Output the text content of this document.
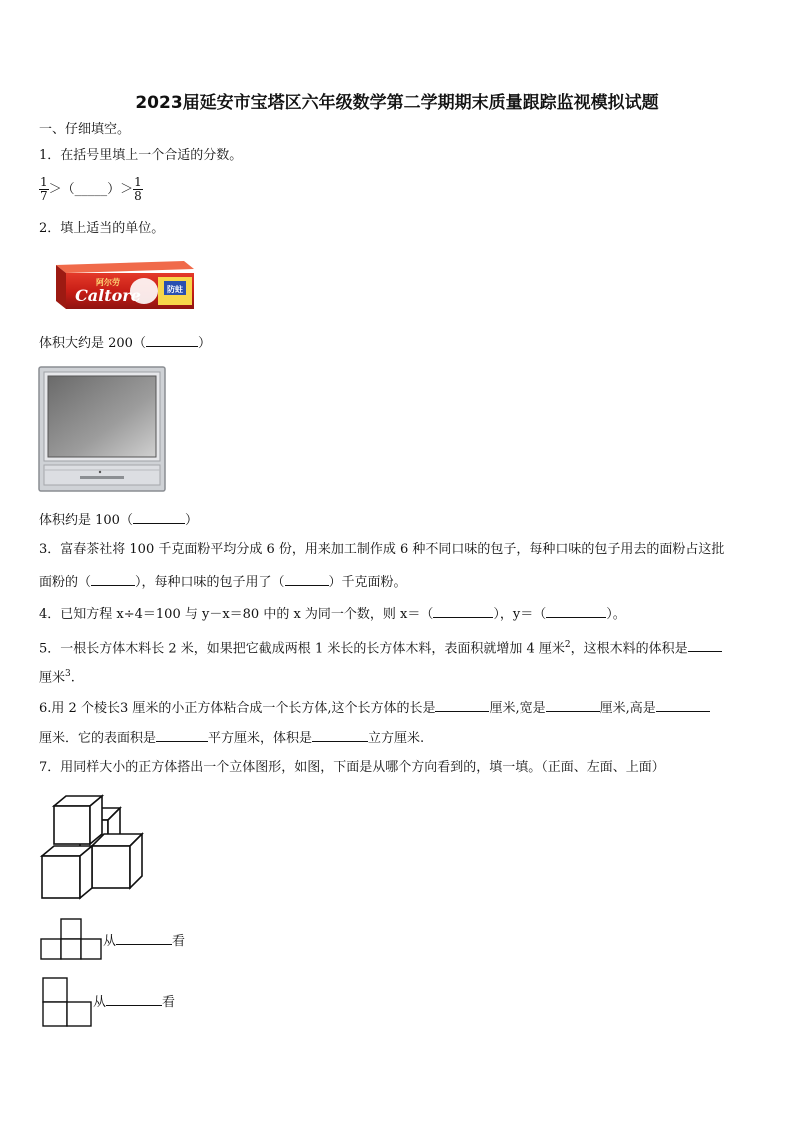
2023届延安市宝塔区六年级数学第二学期期末质量跟踪监视模拟试题
一、仔细填空。
1．在括号里填上一个合适的分数。
$\frac{1}{7}$ ＞（_____）＞ $\frac{1}{8}$
2．填上适当的单位。
Caltore
阿尔劳
防蛀
体积大约是 200（	）
体积约是 100（	）
3．富春茶社将 100 千克面粉平均分成 6 份，用来加工制作成 6 种不同口味的包子，每种口味的包子用去的面粉占这批
面粉的（	），每种口味的包子用了（	）千克面粉。
4．已知方程 x÷4＝100 与 y－x＝80 中的 x 为同一个数，则 x＝（	），y＝（	）。
5．一根长方体木料长 2 米，如果把它截成两根 1 米长的长方体木料，表面积就增加 4 厘米$^2$，这根木料的体积是
厘米$^3$.
6.用 2 个棱长3 厘米的小正方体粘合成一个长方体,这个长方体的长是	厘米,宽是	厘米,高是
厘米．它的表面积是	平方厘米，体积是	立方厘米.
7．用同样大小的正方体搭出一个立体图形，如图，下面是从哪个方向看到的，填一填。（正面、左面、上面）
从	看
从	看
